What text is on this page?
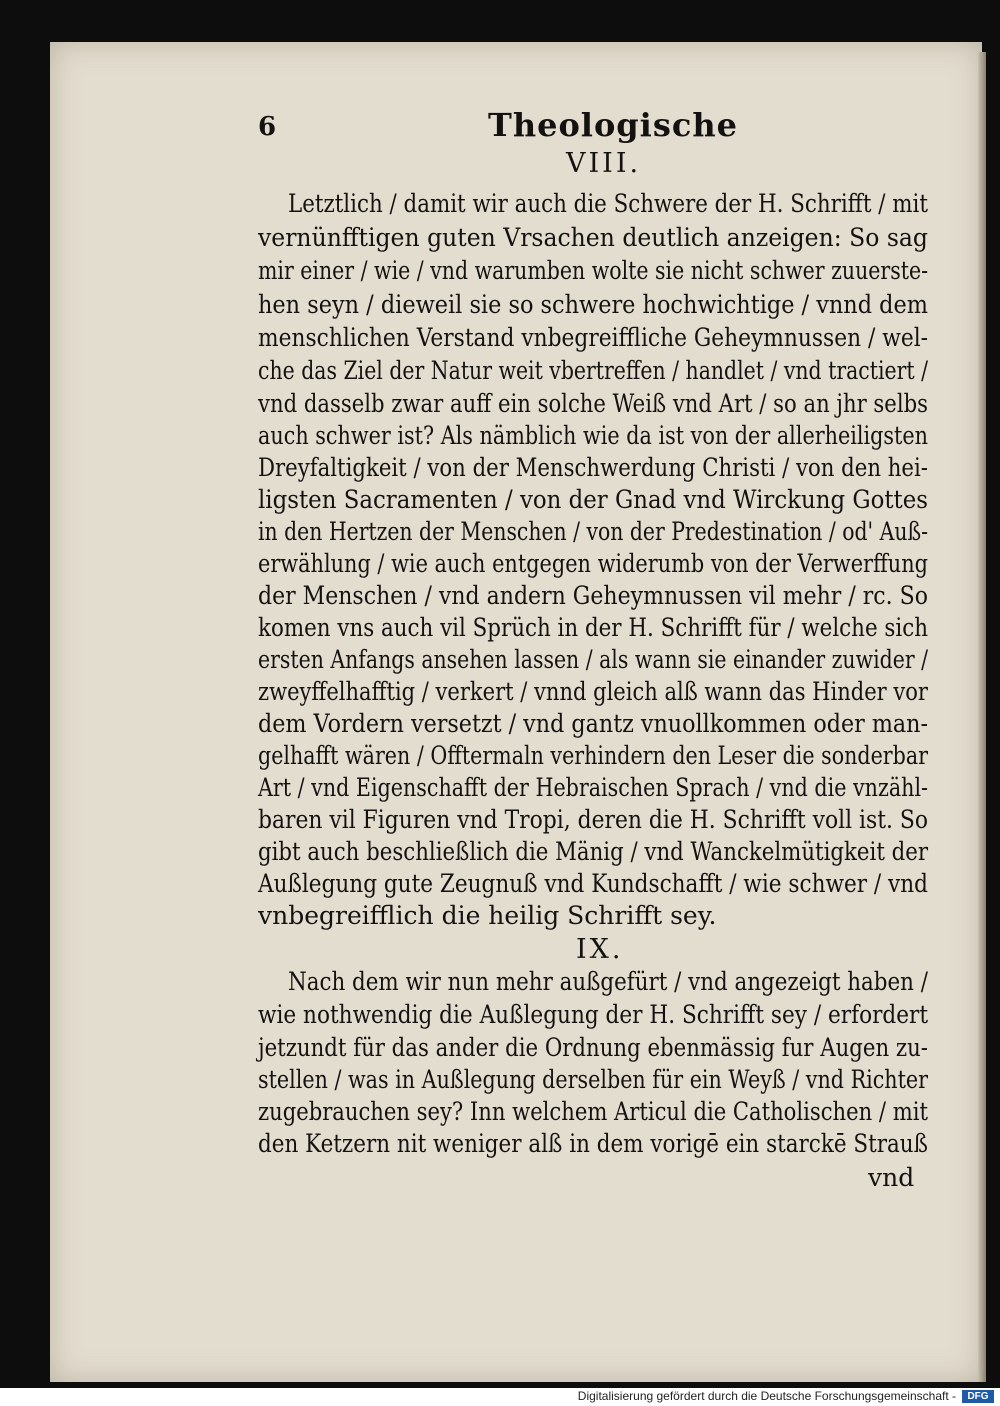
6	Theologische
VIII.
Letztlich / damit wir auch die Schwere der H. Schrifft / mit
vernünfftigen guten Vrsachen deutlich anzeigen: So sag
mir einer / wie / vnd warumben wolte sie nicht schwer zuuerste-
hen seyn / dieweil sie so schwere hochwichtige / vnnd dem
menschlichen Verstand vnbegreiffliche Geheymnussen / wel-
che das Ziel der Natur weit vbertreffen / handlet / vnd tractiert /
vnd dasselb zwar auff ein solche Weiß vnd Art / so an jhr selbs
auch schwer ist? Als nämblich wie da ist von der allerheiligsten
Dreyfaltigkeit / von der Menschwerdung Christi / von den hei-
ligsten Sacramenten / von der Gnad vnd Wirckung Gottes
in den Hertzen der Menschen / von der Predestination / od' Auß-
erwählung / wie auch entgegen widerumb von der Verwerffung
der Menschen / vnd andern Geheymnussen vil mehr / rc. So
komen vns auch vil Sprüch in der H. Schrifft für / welche sich
ersten Anfangs ansehen lassen / als wann sie einander zuwider /
zweyffelhafftig / verkert / vnnd gleich alß wann das Hinder vor
dem Vordern versetzt / vnd gantz vnuollkommen oder man-
gelhafft wären / Offtermaln verhindern den Leser die sonderbar
Art / vnd Eigenschafft der Hebraischen Sprach / vnd die vnzähl-
baren vil Figuren vnd Tropi, deren die H. Schrifft voll ist. So
gibt auch beschließlich die Mänig / vnd Wanckelmütigkeit der
Außlegung gute Zeugnuß vnd Kundschafft / wie schwer / vnd
vnbegreifflich die heilig Schrifft sey.
IX.
Nach dem wir nun mehr außgefürt / vnd angezeigt haben /
wie nothwendig die Außlegung der H. Schrifft sey / erfordert
jetzundt für das ander die Ordnung ebenmässig fur Augen zu-
stellen / was in Außlegung derselben für ein Weyß / vnd Richter
zugebrauchen sey? Inn welchem Articul die Catholischen / mit
den Ketzern nit weniger alß in dem vorigē ein starckē Strauß
vnd
Digitalisierung gefördert durch die Deutsche Forschungsgemeinschaft -	DFG
